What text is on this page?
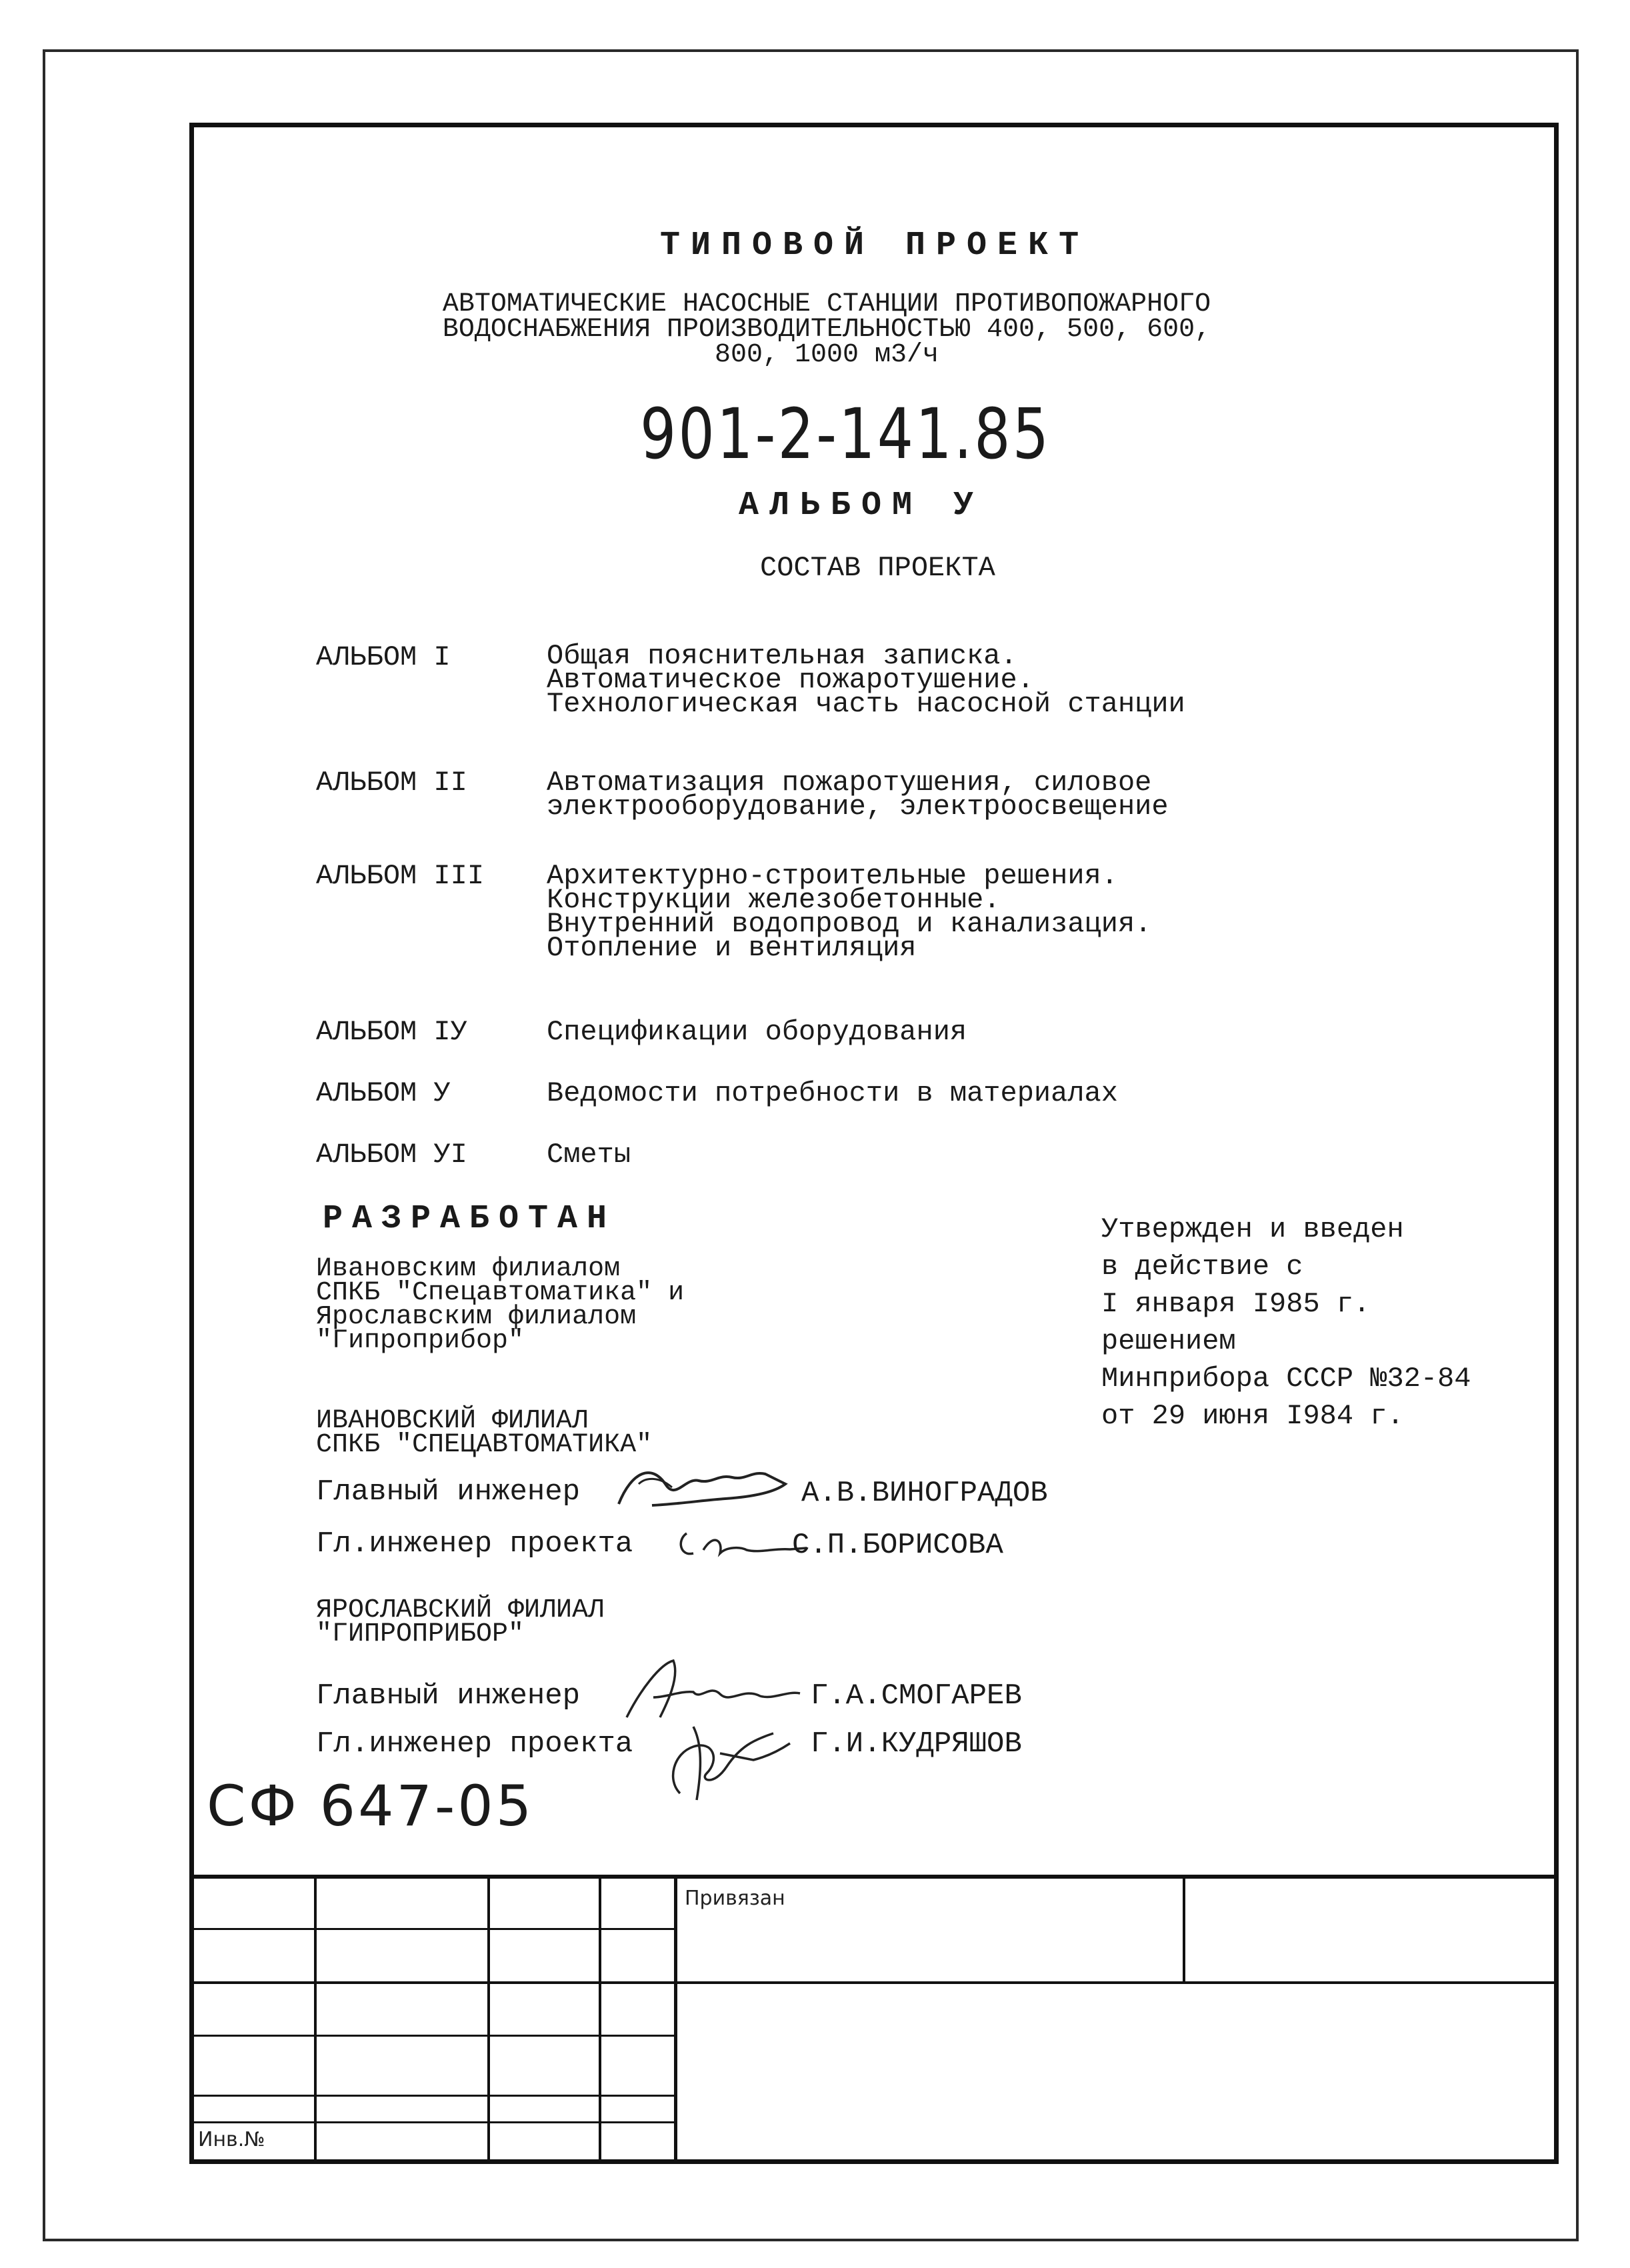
ТИПОВОЙ ПРОЕКТ
АВТОМАТИЧЕСКИЕ НАСОСНЫЕ СТАНЦИИ ПРОТИВОПОЖАРНОГО
ВОДОСНАБЖЕНИЯ ПРОИЗВОДИТЕЛЬНОСТЬЮ 400, 500, 600,
800, 1000 м3/ч
901-2-141.85
АЛЬБОМ У
СОСТАВ ПРОЕКТА
АЛЬБОМ I	Общая пояснительная записка.
Автоматическое пожаротушение.
Технологическая часть насосной станции
АЛЬБОМ II	Автоматизация пожаротушения, силовое
электрооборудование, электроосвещение
АЛЬБОМ III Архитектурно-строительные решения.
Конструкции железобетонные.
Внутренний водопровод и канализация.
Отопление и вентиляция
АЛЬБОМ IУ	Спецификации оборудования
АЛЬБОМ У	Ведомости потребности в материалах
АЛЬБОМ УI	Сметы
РАЗРАБОТАН
Ивановским филиалом
СПКБ "Спецавтоматика" и
Ярославским филиалом
"Гипроприбор"
Утвержден и введен
в действие с
I января I985 г.
решением
Минприбора СССР №32-84
от 29 июня I984 г.
ИВАНОВСКИЙ ФИЛИАЛ
СПКБ "СПЕЦАВТОМАТИКА"
Главный инженер	А.В.ВИНОГРАДОВ
Гл.инженер проекта	С.П.БОРИСОВА
ЯРОСЛАВСКИЙ ФИЛИАЛ
"ГИПРОПРИБОР"
Главный инженер	Г.А.СМОГАРЕВ
Гл.инженер проекта	Г.И.КУДРЯШОВ
СФ 647-05
Привязан
Инв.№
